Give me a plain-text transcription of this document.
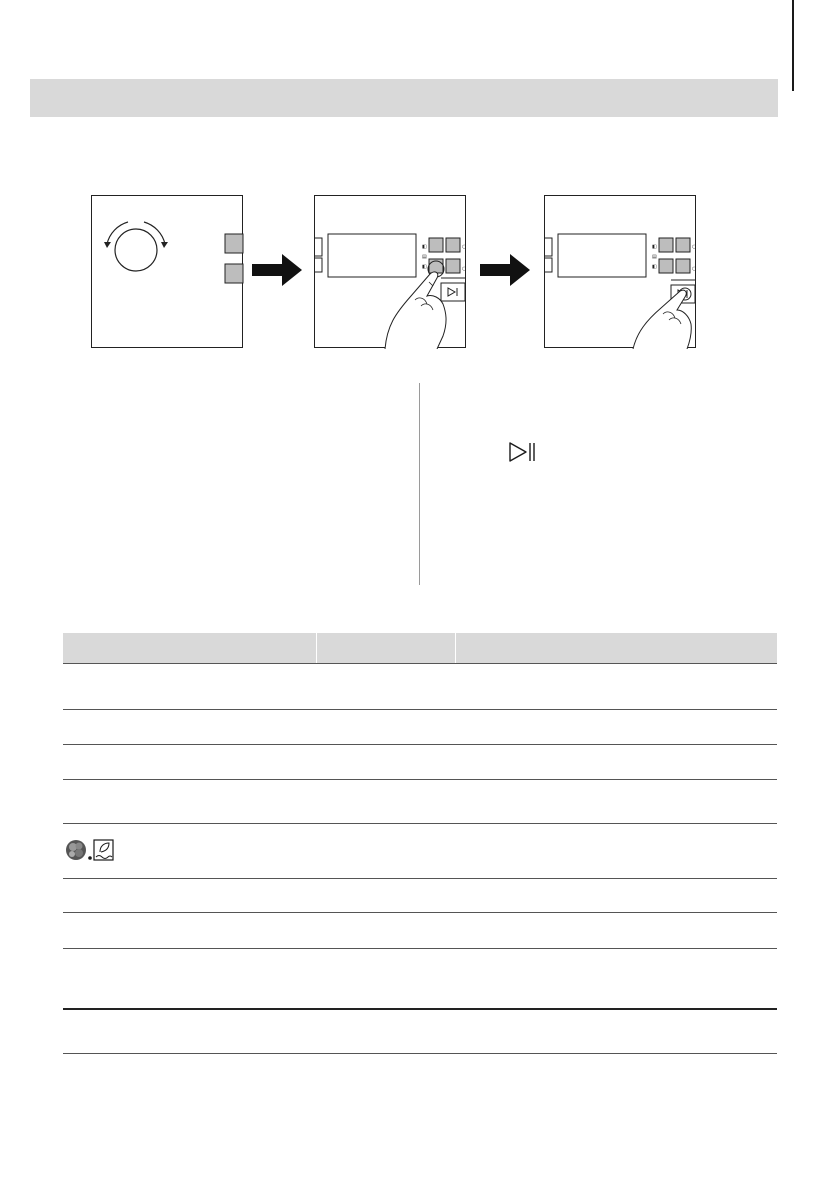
◧
▤
◧
○
○
◧
▤
◧
○
○
